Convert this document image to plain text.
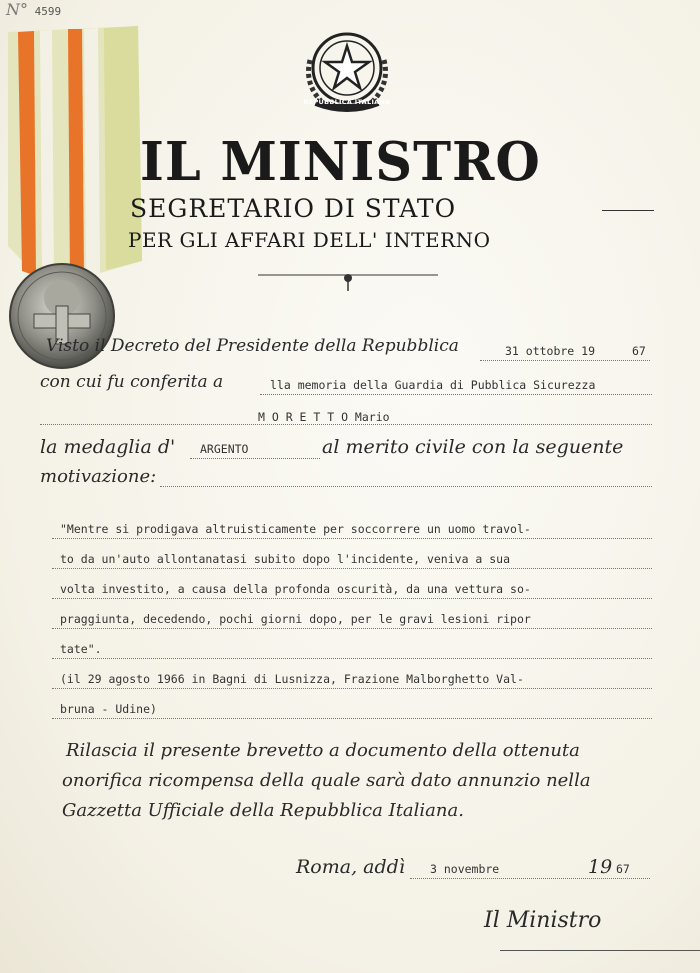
N° 4599
REPUBBLICA ITALIANA
IL MINISTRO
SEGRETARIO DI STATO
PER GLI AFFARI DELL' INTERNO
Visto il Decreto del Presidente della Repubblica	31 ottobre 19	67
con cui fu conferita a	lla memoria della Guardia di Pubblica Sicurezza
M O R E T T O Mario
la medaglia d' ARGENTO	al merito civile con la seguente
motivazione:
"Mentre si prodigava altruisticamente per soccorrere un uomo travol-
to da un'auto allontanatasi subito dopo l'incidente, veniva a sua
volta investito, a causa della profonda oscurità, da una vettura so-
praggiunta, decedendo, pochi giorni dopo, per le gravi lesioni ripor
tate".
(il 29 agosto 1966 in Bagni di Lusnizza, Frazione Malborghetto Val-
bruna - Udine)
Rilascia il presente brevetto a documento della ottenuta
onorifica ricompensa della quale sarà dato annunzio nella
Gazzetta Ufficiale della Repubblica Italiana.
Roma, addì 3 novembre	19 67
Il Ministro
